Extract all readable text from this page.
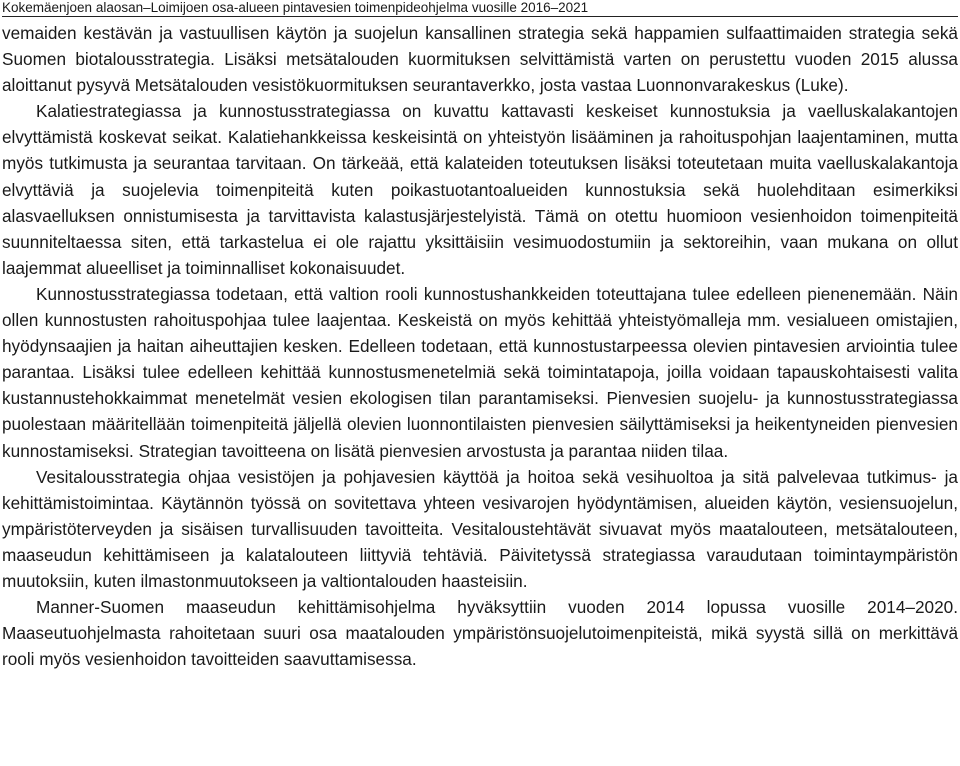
Kokemäenjoen alaosan–Loimijoen osa-alueen pintavesien toimenpideohjelma vuosille 2016–2021

vemaiden kestävän ja vastuullisen käytön ja suojelun kansallinen strategia sekä happamien sulfaattimaiden strategia sekä Suomen biotalousstrategia. Lisäksi metsätalouden kuormituksen selvittämistä varten on perustettu vuoden 2015 alussa aloittanut pysyvä Metsätalouden vesistökuormituksen seurantaverkko, josta vastaa Luonnonvarakeskus (Luke).

Kalatiestrategiassa ja kunnostusstrategiassa on kuvattu kattavasti keskeiset kunnostuksia ja vaelluskalakantojen elvyttämistä koskevat seikat. Kalatiehankkeissa keskeisintä on yhteistyön lisääminen ja rahoituspohjan laajentaminen, mutta myös tutkimusta ja seurantaa tarvitaan. On tärkeää, että kalateiden toteutuksen lisäksi toteutetaan muita vaelluskalakantoja elvyttäviä ja suojelevia toimenpiteitä kuten poikastuotantoalueiden kunnostuksia sekä huolehditaan esimerkiksi alasvaelluksen onnistumisesta ja tarvittavista kalastusjärjestelyistä. Tämä on otettu huomioon vesienhoidon toimenpiteitä suunniteltaessa siten, että tarkastelua ei ole rajattu yksittäisiin vesimuodostumiin ja sektoreihin, vaan mukana on ollut laajemmat alueelliset ja toiminnalliset kokonaisuudet.

Kunnostusstrategiassa todetaan, että valtion rooli kunnostushankkeiden toteuttajana tulee edelleen pienenemään. Näin ollen kunnostusten rahoituspohjaa tulee laajentaa. Keskeistä on myös kehittää yhteistyömalleja mm. vesialueen omistajien, hyödynsaajien ja haitan aiheuttajien kesken. Edelleen todetaan, että kunnostustarpeessa olevien pintavesien arviointia tulee parantaa. Lisäksi tulee edelleen kehittää kunnostusmenetelmiä sekä toimintatapoja, joilla voidaan tapauskohtaisesti valita kustannustehokkaimmat menetelmät vesien ekologisen tilan parantamiseksi. Pienvesien suojelu- ja kunnostusstrategiassa puolestaan määritellään toimenpiteitä jäljellä olevien luonnontilaisten pienvesien säilyttämiseksi ja heikentyneiden pienvesien kunnostamiseksi. Strategian tavoitteena on lisätä pienvesien arvostusta ja parantaa niiden tilaa.

Vesitalousstrategia ohjaa vesistöjen ja pohjavesien käyttöä ja hoitoa sekä vesihuoltoa ja sitä palvelevaa tutkimus- ja kehittämistoimintaa. Käytännön työssä on sovitettava yhteen vesivarojen hyödyntämisen, alueiden käytön, vesiensuojelun, ympäristöterveyden ja sisäisen turvallisuuden tavoitteita. Vesitaloustehtävät sivuavat myös maatalouteen, metsätalouteen, maaseudun kehittämiseen ja kalatalouteen liittyviä tehtäviä. Päivitetyssä strategiassa varaudutaan toimintaympäristön muutoksiin, kuten ilmastonmuutokseen ja valtiontalouden haasteisiin.

Manner-Suomen maaseudun kehittämisohjelma hyväksyttiin vuoden 2014 lopussa vuosille 2014–2020. Maaseutuohjelmasta rahoitetaan suuri osa maatalouden ympäristönsuojelutoimenpiteistä, mikä syystä sillä on merkittävä rooli myös vesienhoidon tavoitteiden saavuttamisessa.
